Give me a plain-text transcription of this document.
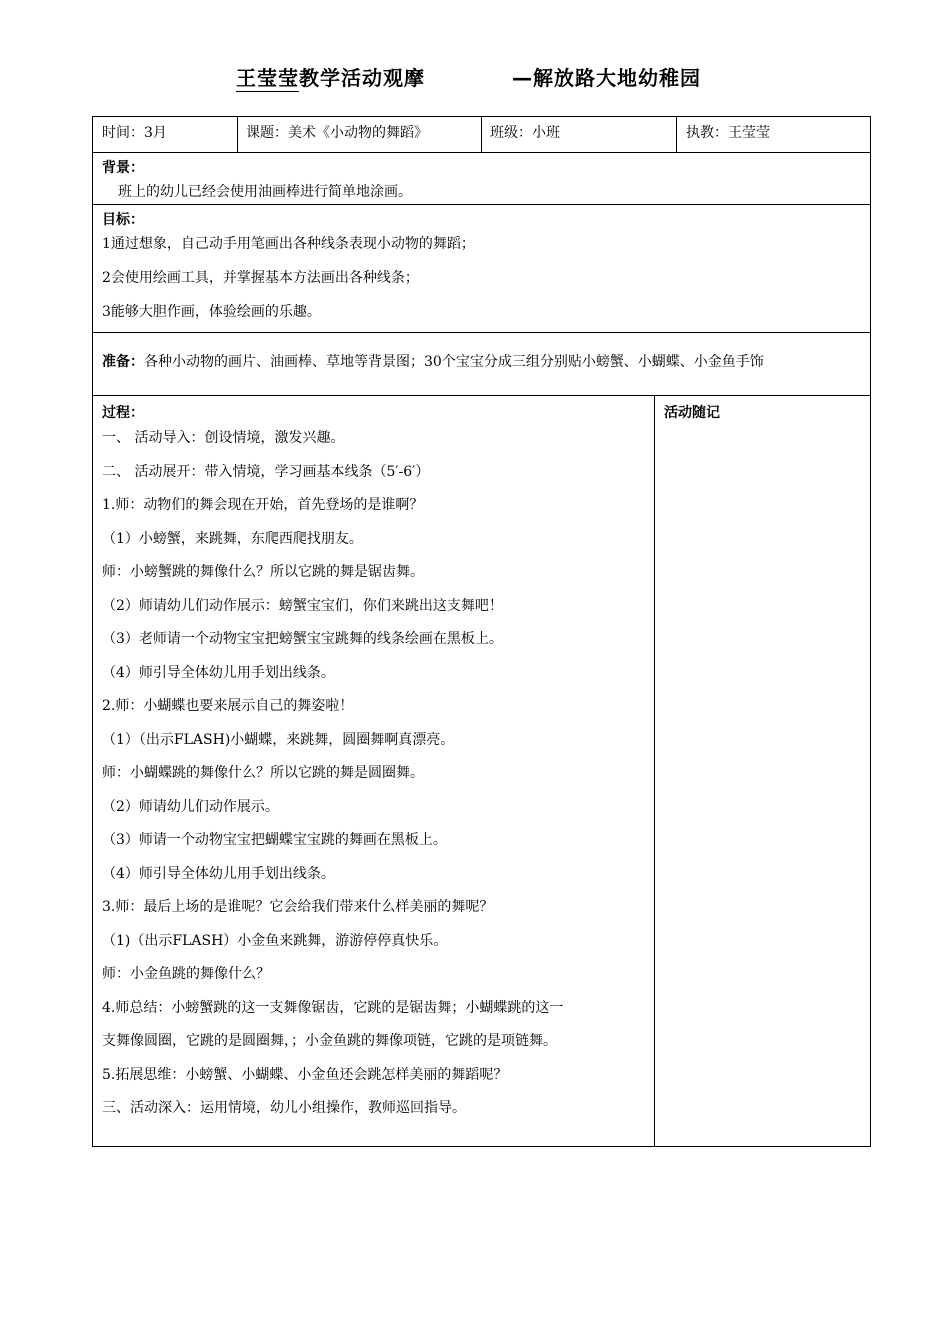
王莹莹教学活动观摩	—解放路大地幼稚园
时间：3月	课题：美术《小动物的舞蹈》	班级：小班	执教：王莹莹
背景：
班上的幼儿已经会使用油画棒进行简单地涂画。
目标：
1通过想象，自己动手用笔画出各种线条表现小动物的舞蹈；
2会使用绘画工具，并掌握基本方法画出各种线条；
3能够大胆作画，体验绘画的乐趣。
准备：各种小动物的画片、油画棒、草地等背景图；30个宝宝分成三组分别贴小螃蟹、小蝴蝶、小金鱼手饰
过程：	活动随记
一、 活动导入：创设情境，激发兴趣。
二、 活动展开：带入情境，学习画基本线条（5′-6′）
1.师：动物们的舞会现在开始，首先登场的是谁啊？
（1）小螃蟹，来跳舞，东爬西爬找朋友。
师：小螃蟹跳的舞像什么？所以它跳的舞是锯齿舞。
（2）师请幼儿们动作展示：螃蟹宝宝们，你们来跳出这支舞吧！
（3）老师请一个动物宝宝把螃蟹宝宝跳舞的线条绘画在黑板上。
（4）师引导全体幼儿用手划出线条。
2.师：小蝴蝶也要来展示自己的舞姿啦！
（1）（出示FLASH)小蝴蝶，来跳舞，圆圈舞啊真漂亮。
师：小蝴蝶跳的舞像什么？所以它跳的舞是圆圈舞。
（2）师请幼儿们动作展示。
（3）师请一个动物宝宝把蝴蝶宝宝跳的舞画在黑板上。
（4）师引导全体幼儿用手划出线条。
3.师：最后上场的是谁呢？它会给我们带来什么样美丽的舞呢？
（1)（出示FLASH）小金鱼来跳舞，游游停停真快乐。
师：小金鱼跳的舞像什么？
4.师总结：小螃蟹跳的这一支舞像锯齿，它跳的是锯齿舞；小蝴蝶跳的这一
支舞像圆圈，它跳的是圆圈舞，；小金鱼跳的舞像项链，它跳的是项链舞。
5.拓展思维：小螃蟹、小蝴蝶、小金鱼还会跳怎样美丽的舞蹈呢？
三、活动深入：运用情境，幼儿小组操作，教师巡回指导。
